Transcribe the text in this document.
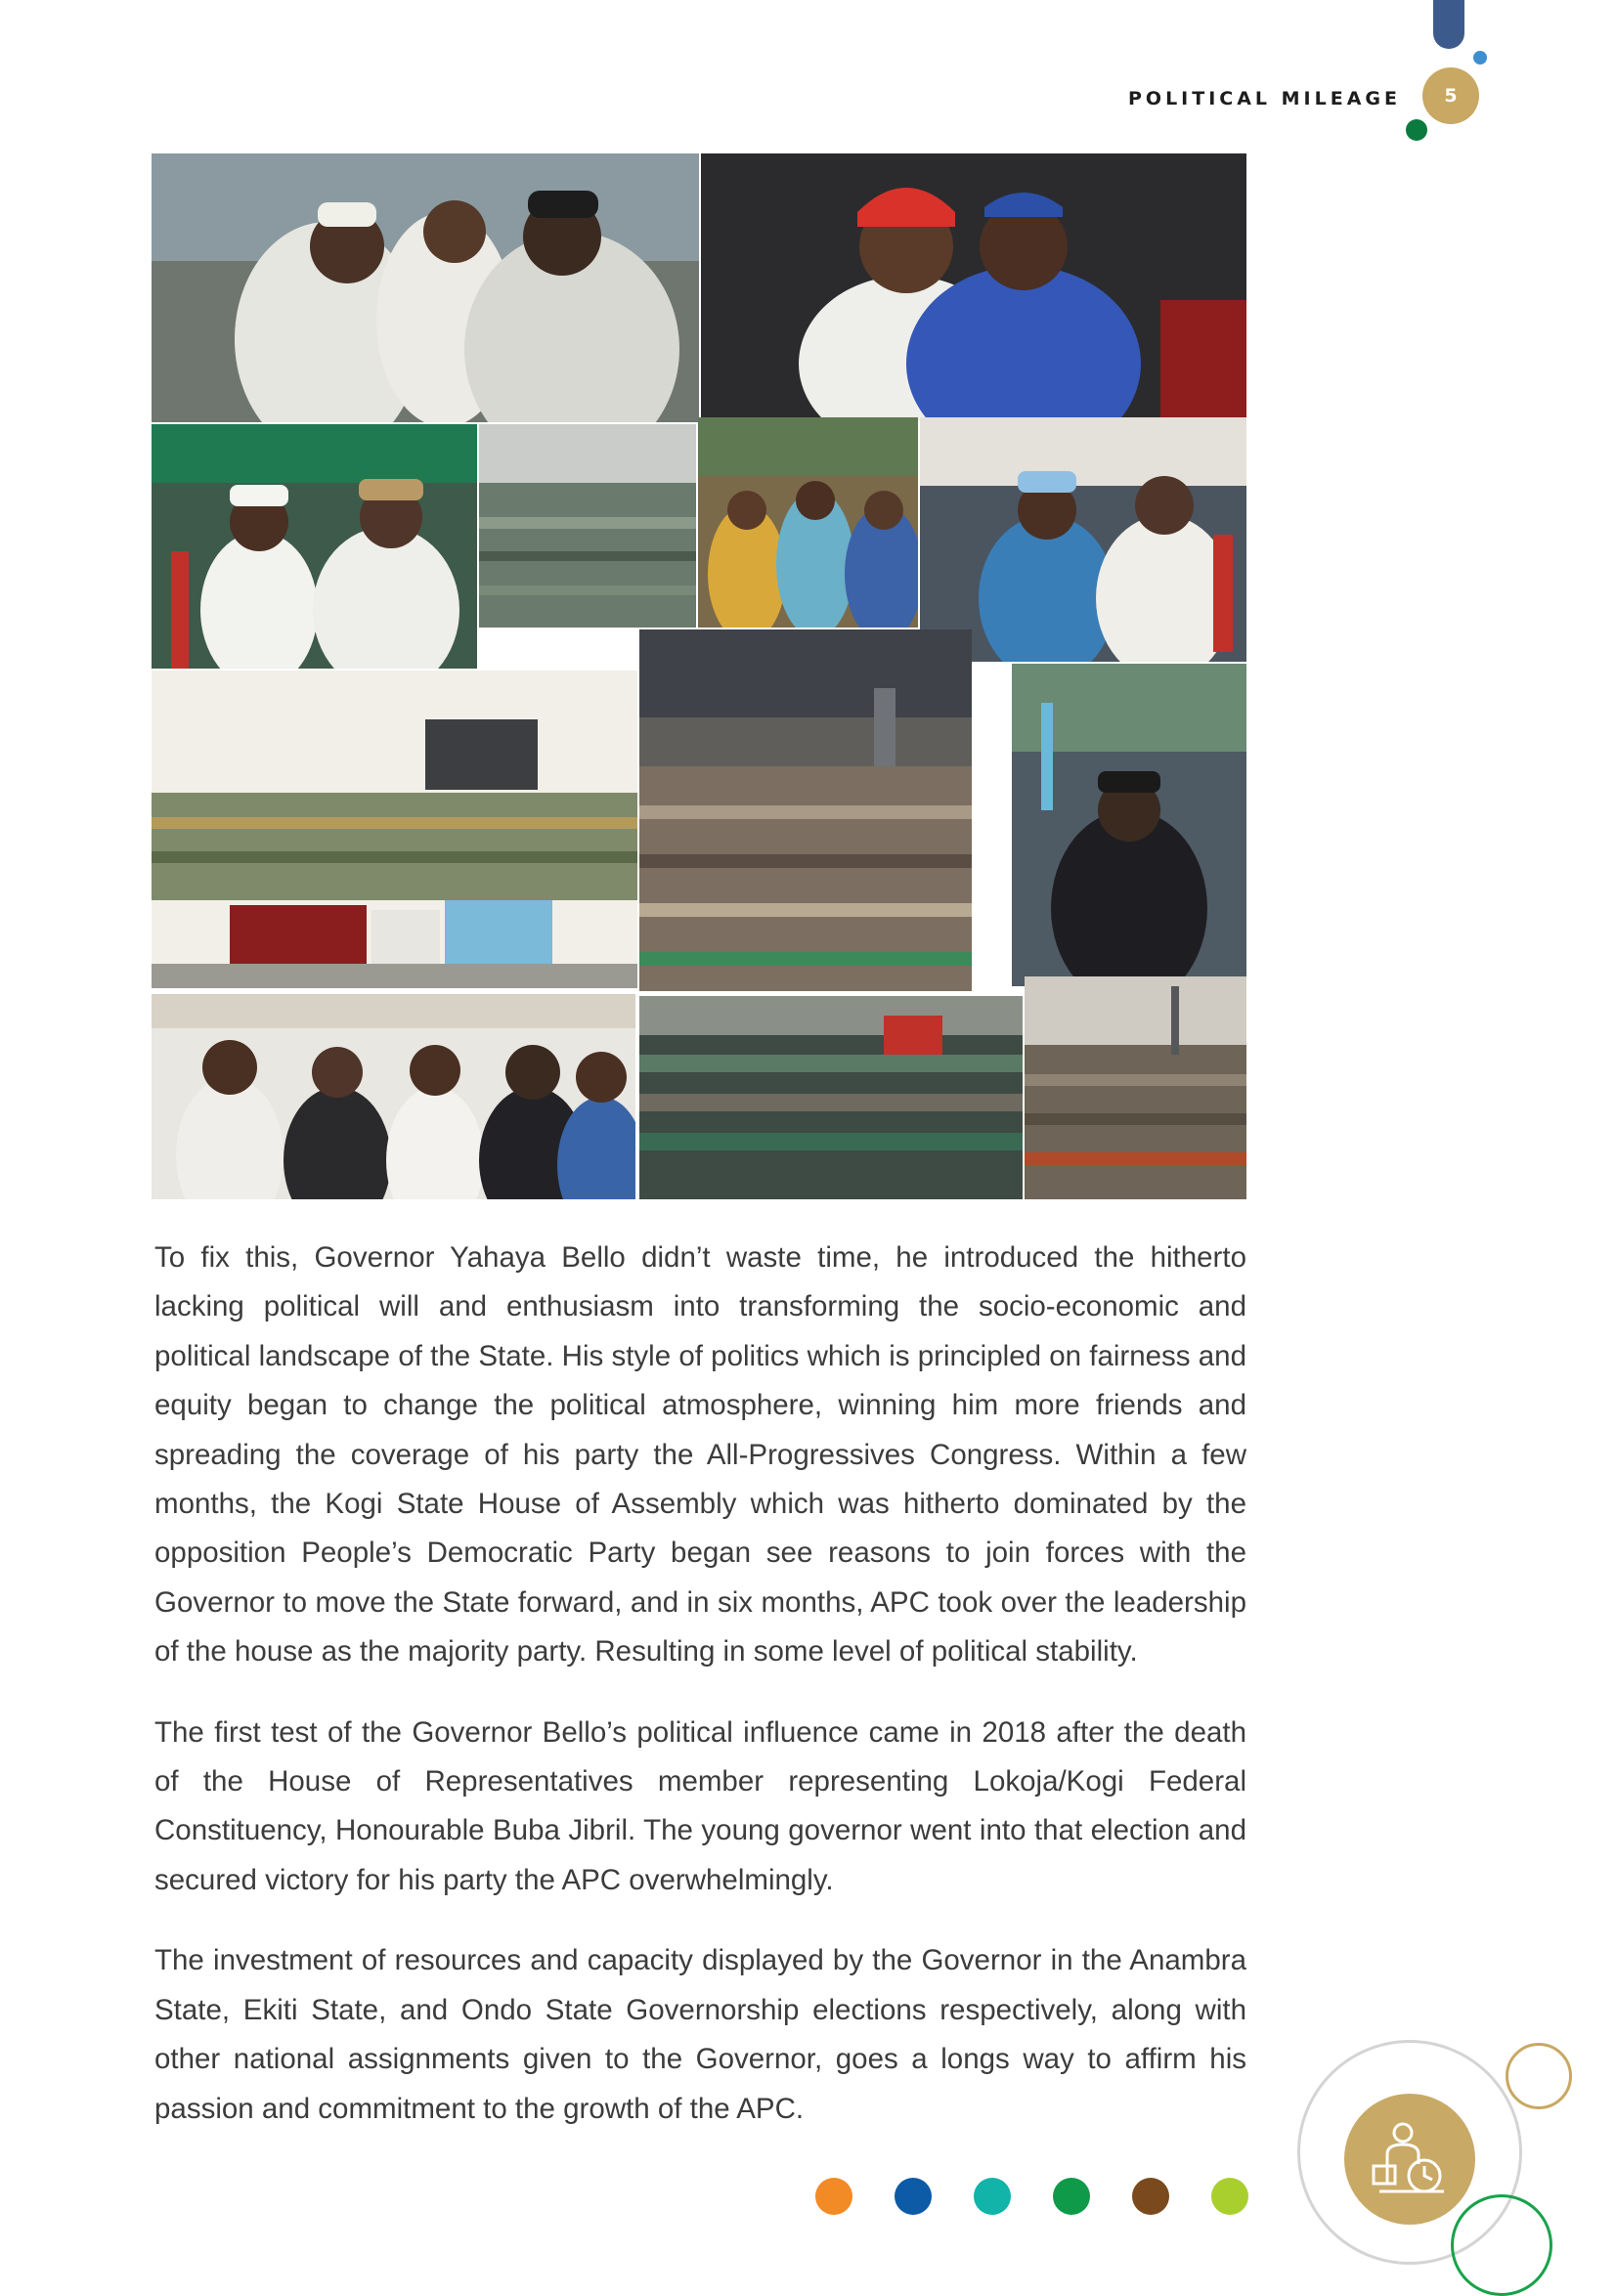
POLITICAL MILEAGE	5

To fix this, Governor Yahaya Bello didn’t waste time, he introduced the hitherto lacking political will and enthusiasm into transforming the socio-economic and political landscape of the State. His style of politics which is principled on fairness and equity began to change the political atmosphere, winning him more friends and spreading the coverage of his party the All-Progressives Congress. Within a few months, the Kogi State House of Assembly which was hitherto dominated by the opposition People’s Democratic Party began see reasons to join forces with the Governor to move the State forward, and in six months, APC took over the leadership of the house as the majority party. Resulting in some level of political stability.

The first test of the Governor Bello’s political influence came in 2018 after the death of the House of Representatives member representing Lokoja/Kogi Federal Constituency, Honourable Buba Jibril. The young governor went into that election and secured victory for his party the APC overwhelmingly.

The investment of resources and capacity displayed by the Governor in the Anambra State, Ekiti State, and Ondo State Governorship elections respectively, along with other national assignments given to the Governor, goes a longs way to affirm his passion and commitment to the growth of the APC.
